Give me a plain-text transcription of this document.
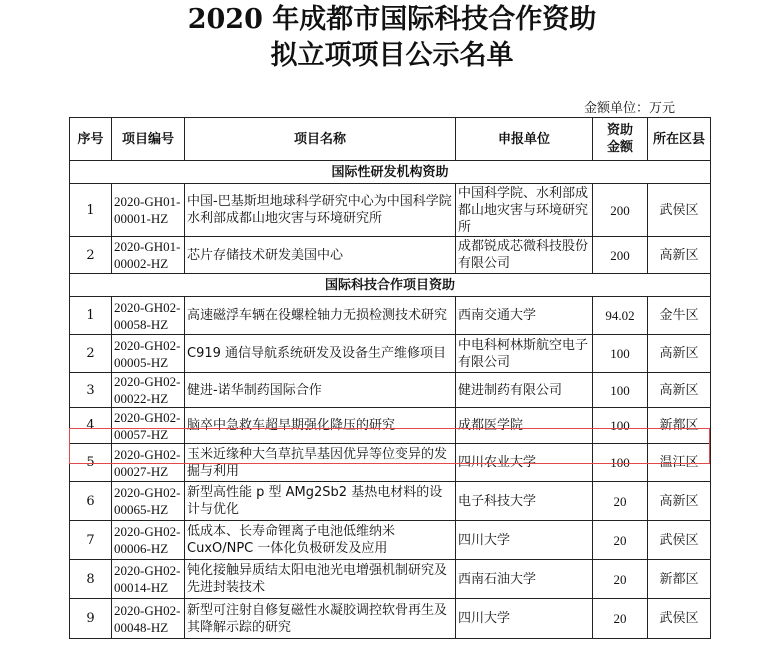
2020 年成都市国际科技合作资助
拟立项项目公示名单
金额单位：万元
序号	项目编号	项目名称	申报单位	资助金额	所在区县
国际性研发机构资助					
1	2020-GH01-00001-HZ	中国-巴基斯坦地球科学研究中心为中国科学院水利部成都山地灾害与环境研究所	中国科学院、水利部成都山地灾害与环境研究所	200	武侯区
2	2020-GH01-00002-HZ	芯片存储技术研发美国中心	成都锐成芯微科技股份有限公司	200	高新区
国际科技合作项目资助					
1	2020-GH02-00058-HZ	高速磁浮车辆在役螺栓轴力无损检测技术研究	西南交通大学	94.02	金牛区
2	2020-GH02-00005-HZ	C919 通信导航系统研发及设备生产维修项目	中电科柯林斯航空电子有限公司	100	高新区
3	2020-GH02-00022-HZ	健进-诺华制药国际合作	健进制药有限公司	100	高新区
4	2020-GH02-00057-HZ	脑卒中急救车超早期强化降压的研究	成都医学院	100	新都区
5	2020-GH02-00027-HZ	玉米近缘种大刍草抗旱基因优异等位变异的发掘与利用	四川农业大学	100	温江区
6	2020-GH02-00065-HZ	新型高性能 p 型 AMg2Sb2 基热电材料的设计与优化	电子科技大学	20	高新区
7	2020-GH02-00006-HZ	低成本、长寿命锂离子电池低维纳米CuxO/NPC 一体化负极研发及应用	四川大学	20	武侯区
8	2020-GH02-00014-HZ	钝化接触异质结太阳电池光电增强机制研究及先进封装技术	西南石油大学	20	新都区
9	2020-GH02-00048-HZ	新型可注射自修复磁性水凝胶调控软骨再生及其降解示踪的研究	四川大学	20	武侯区
